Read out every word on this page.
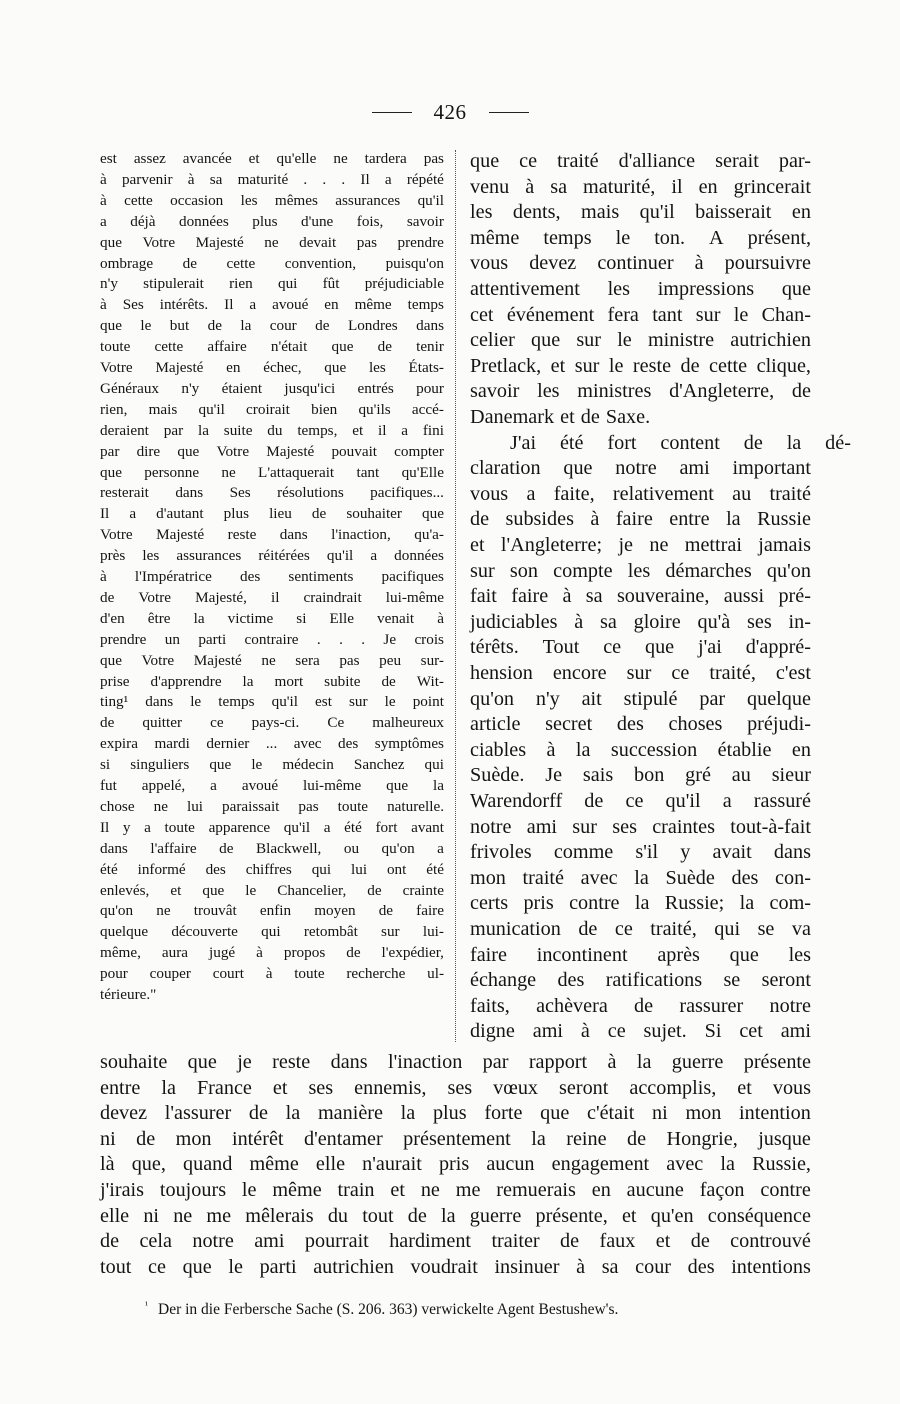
426
est assez avancée et qu'elle ne tardera pas
à parvenir à sa maturité . . . Il a répété
à cette occasion les mêmes assurances qu'il
a déjà données plus d'une fois, savoir
que Votre Majesté ne devait pas prendre
ombrage de cette convention, puisqu'on
n'y stipulerait rien qui fût préjudiciable
à Ses intérêts. Il a avoué en même temps
que le but de la cour de Londres dans
toute cette affaire n'était que de tenir
Votre Majesté en échec, que les États-
Généraux n'y étaient jusqu'ici entrés pour
rien, mais qu'il croirait bien qu'ils accé-
deraient par la suite du temps, et il a fini
par dire que Votre Majesté pouvait compter
que personne ne L'attaquerait tant qu'Elle
resterait dans Ses résolutions pacifiques...
Il a d'autant plus lieu de souhaiter que
Votre Majesté reste dans l'inaction, qu'a-
près les assurances réitérées qu'il a données
à l'Impératrice des sentiments pacifiques
de Votre Majesté, il craindrait lui-même
d'en être la victime si Elle venait à
prendre un parti contraire . . . Je crois
que Votre Majesté ne sera pas peu sur-
prise d'apprendre la mort subite de Wit-
ting¹ dans le temps qu'il est sur le point
de quitter ce pays-ci. Ce malheureux
expira mardi dernier ... avec des symptômes
si singuliers que le médecin Sanchez qui
fut appelé, a avoué lui-même que la
chose ne lui paraissait pas toute naturelle.
Il y a toute apparence qu'il a été fort avant
dans l'affaire de Blackwell, ou qu'on a
été informé des chiffres qui lui ont été
enlevés, et que le Chancelier, de crainte
qu'on ne trouvât enfin moyen de faire
quelque découverte qui retombât sur lui-
même, aura jugé à propos de l'expédier,
pour couper court à toute recherche ul-
térieure."
que ce traité d'alliance serait par-
venu à sa maturité, il en grincerait
les dents, mais qu'il baisserait en
même temps le ton. A présent,
vous devez continuer à poursuivre
attentivement les impressions que
cet événement fera tant sur le Chan-
celier que sur le ministre autrichien
Pretlack, et sur le reste de cette clique,
savoir les ministres d'Angleterre, de
Danemark et de Saxe.
J'ai été fort content de la dé-
claration que notre ami important
vous a faite, relativement au traité
de subsides à faire entre la Russie
et l'Angleterre; je ne mettrai jamais
sur son compte les démarches qu'on
fait faire à sa souveraine, aussi pré-
judiciables à sa gloire qu'à ses in-
térêts. Tout ce que j'ai d'appré-
hension encore sur ce traité, c'est
qu'on n'y ait stipulé par quelque
article secret des choses préjudi-
ciables à la succession établie en
Suède. Je sais bon gré au sieur
Warendorff de ce qu'il a rassuré
notre ami sur ses craintes tout-à-fait
frivoles comme s'il y avait dans
mon traité avec la Suède des con-
certs pris contre la Russie; la com-
munication de ce traité, qui se va
faire incontinent après que les
échange des ratifications se seront
faits, achèvera de rassurer notre
digne ami à ce sujet. Si cet ami
souhaite que je reste dans l'inaction par rapport à la guerre présente
entre la France et ses ennemis, ses vœux seront accomplis, et vous
devez l'assurer de la manière la plus forte que c'était ni mon intention
ni de mon intérêt d'entamer présentement la reine de Hongrie, jusque
là que, quand même elle n'aurait pris aucun engagement avec la Russie,
j'irais toujours le même train et ne me remuerais en aucune façon contre
elle ni ne me mêlerais du tout de la guerre présente, et qu'en conséquence
de cela notre ami pourrait hardiment traiter de faux et de controuvé
tout ce que le parti autrichien voudrait insinuer à sa cour des intentions
$^{^1}$ Der in die Ferbersche Sache (S. 206. 363) verwickelte Agent Bestushew's.
